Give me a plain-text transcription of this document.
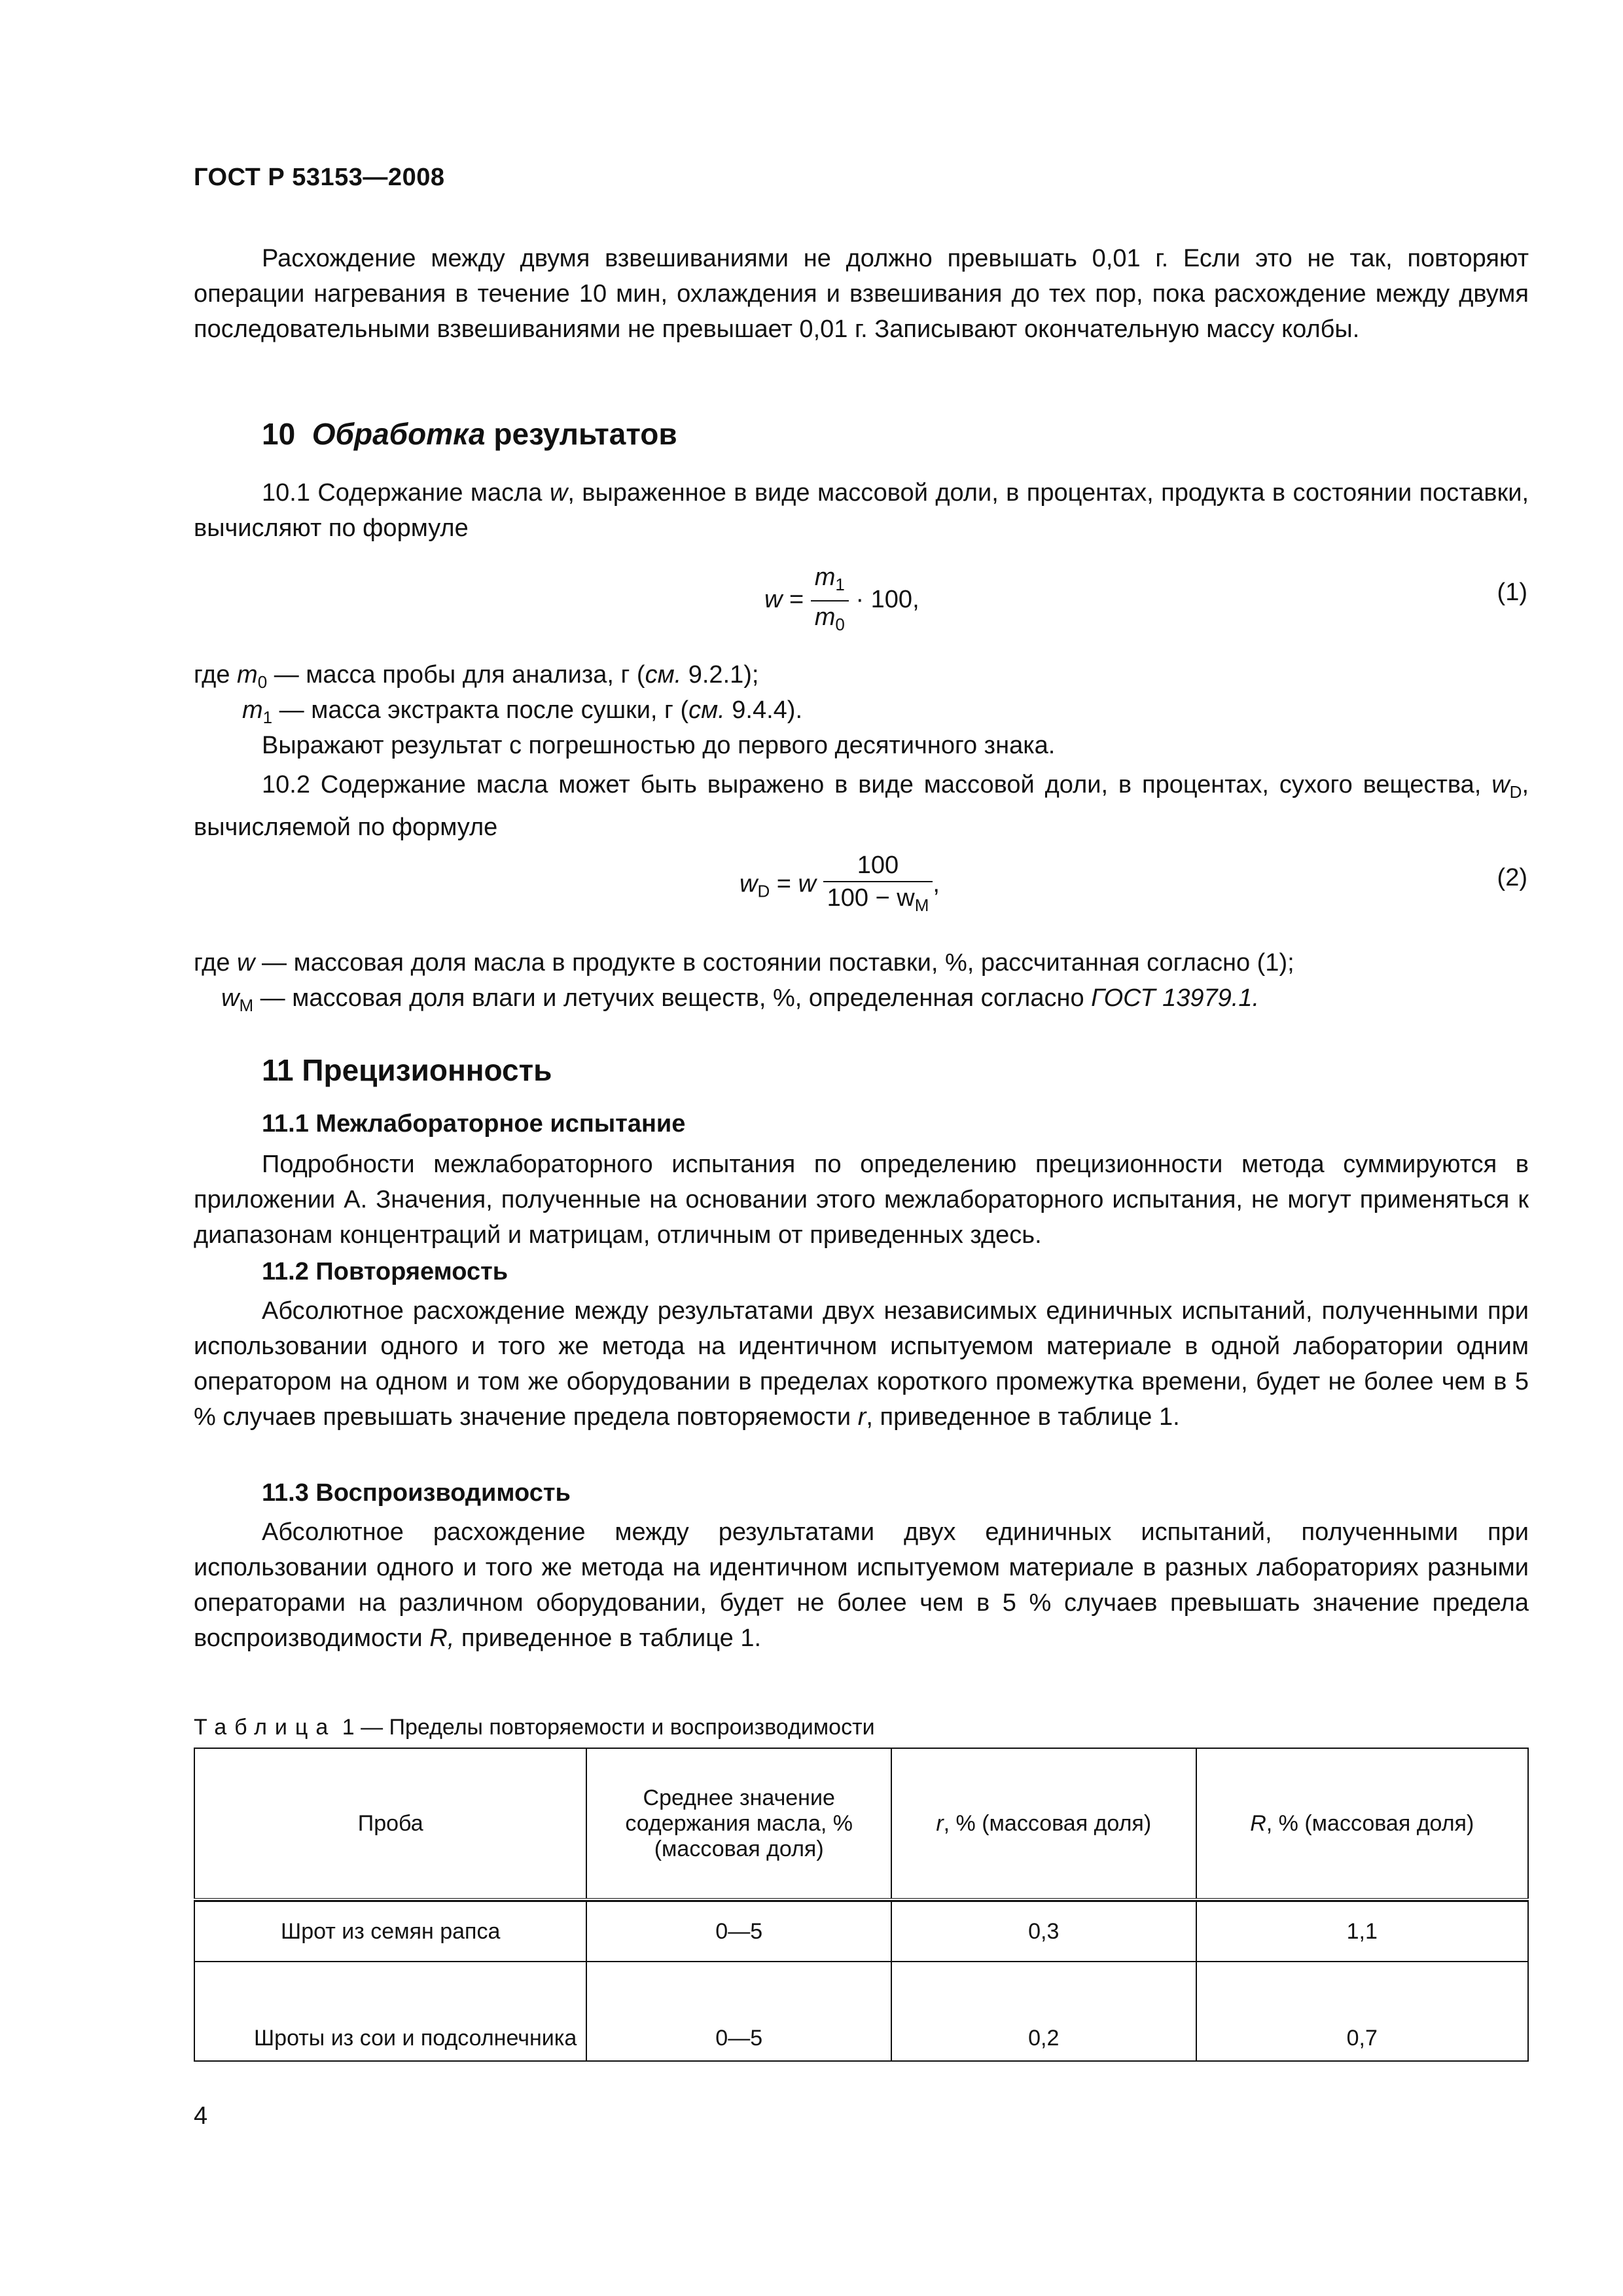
ГОСТ Р 53153—2008

Расхождение между двумя взвешиваниями не должно превышать 0,01 г. Если это не так, повторяют операции нагревания в течение 10 мин, охлаждения и взвешивания до тех пор, пока расхождение между двумя последовательными взвешиваниями не превышает 0,01 г. Записывают окончательную массу колбы.

10 Обработка результатов

10.1 Содержание масла w, выраженное в виде массовой доли, в процентах, продукта в состоянии поставки, вычисляют по формуле

$w = \frac{m_1}{m_0} \cdot 100$,	(1)
где $m_0$ — масса пробы для анализа, г (см. 9.2.1);
$m_1$ — масса экстракта после сушки, г (см. 9.4.4).
Выражают результат с погрешностью до первого десятичного знака.

10.2 Содержание масла может быть выражено в виде массовой доли, в процентах, сухого вещества, $w_D$, вычисляемой по формуле

$w_D = w \frac{100}{100 - w_M}$ ,	(2)
где w — массовая доля масла в продукте в состоянии поставки, %, рассчитанная согласно (1);
$w_M$ — массовая доля влаги и летучих веществ, %, определенная согласно ГОСТ 13979.1.
11 Прецизионность
11.1 Межлабораторное испытание

Подробности межлабораторного испытания по определению прецизионности метода суммируются в приложении А. Значения, полученные на основании этого межлабораторного испытания, не могут применяться к диапазонам концентраций и матрицам, отличным от приведенных здесь.

11.2 Повторяемость

Абсолютное расхождение между результатами двух независимых единичных испытаний, полученными при использовании одного и того же метода на идентичном испытуемом материале в одной лаборатории одним оператором на одном и том же оборудовании в пределах короткого промежутка времени, будет не более чем в 5 % случаев превышать значение предела повторяемости r, приведенное в таблице 1.

11.3 Воспроизводимость

Абсолютное расхождение между результатами двух единичных испытаний, полученными при использовании одного и того же метода на идентичном испытуемом материале в разных лабораториях разными операторами на различном оборудовании, будет не более чем в 5 % случаев превышать значение предела воспроизводимости R, приведенное в таблице 1.

Таблица 1 — Пределы повторяемости и воспроизводимости
Проба	Среднее значение содержания масла, % (массовая доля)	r, % (массовая доля)	R, % (массовая доля)

Шрот из семян рапса	0—5	0,3	1,1
Шроты из сои и подсолнечника	0—5	0,2	0,7
4
